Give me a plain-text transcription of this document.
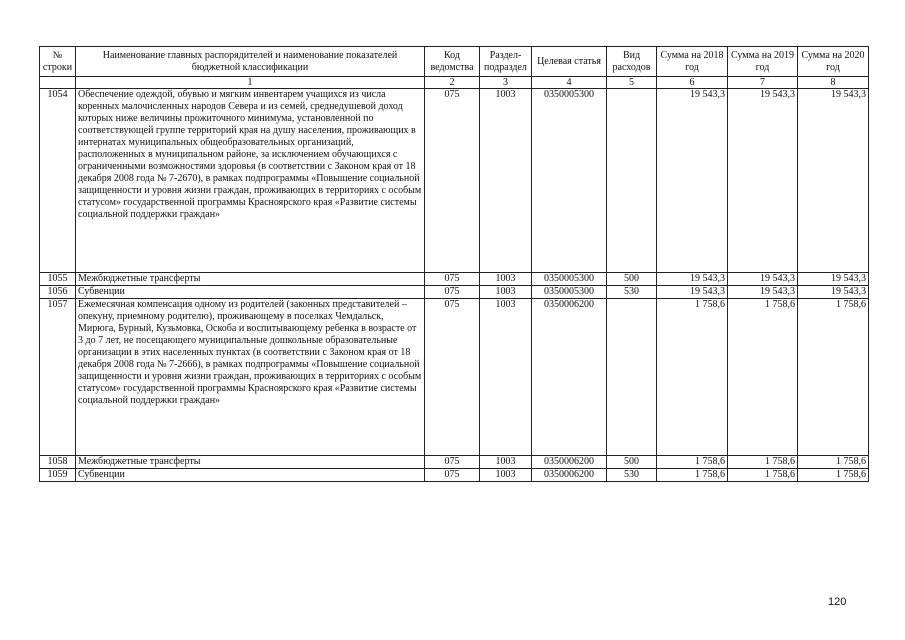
№ строки	Наименование главных распорядителей и наименование показателей бюджетной классификации	Код ведомства	Раздел-подраздел	Целевая статья	Вид расходов	Сумма на 2018 год	Сумма на 2019 год	Сумма на 2020 год
	1	2	3	4	5	6	7	8
1054	Обеспечение одеждой, обувью и мягким инвентарем учащихся из числа коренных малочисленных народов Севера и из семей, среднедушевой доход которых ниже величины прожиточного минимума, установленной по соответствующей группе территорий края на душу населения, проживающих в интернатах муниципальных общеобразовательных организаций, расположенных в муниципальном районе, за исключением обучающихся с ограниченными возможностями здоровья (в соответствии с Законом края от 18 декабря 2008 года № 7-2670), в рамках подпрограммы «Повышение социальной защищенности и уровня жизни граждан, проживающих в территориях с особым статусом» государственной программы Красноярского края «Развитие системы социальной поддержки граждан»	075	1003	0350005300		19 543,3	19 543,3	19 543,3
1055	Межбюджетные трансферты	075	1003	0350005300	500	19 543,3	19 543,3	19 543,3
1056	Субвенции	075	1003	0350005300	530	19 543,3	19 543,3	19 543,3
1057	Ежемесячная компенсация одному из родителей (законных представителей – опекуну, приемному родителю), проживающему в поселках Чемдальск, Мирюга, Бурный, Кузьмовка, Оскоба и воспитывающему ребенка в возрасте от 3 до 7 лет, не посещающего муниципальные дошкольные образовательные организации в этих населенных пунктах (в соответствии с Законом края от 18 декабря 2008 года № 7-2666), в рамках подпрограммы «Повышение социальной защищенности и уровня жизни граждан, проживающих в территориях с особым статусом» государственной программы Красноярского края «Развитие системы социальной поддержки граждан»	075	1003	0350006200		1 758,6	1 758,6	1 758,6
1058	Межбюджетные трансферты	075	1003	0350006200	500	1 758,6	1 758,6	1 758,6
1059	Субвенции	075	1003	0350006200	530	1 758,6	1 758,6	1 758,6
120
